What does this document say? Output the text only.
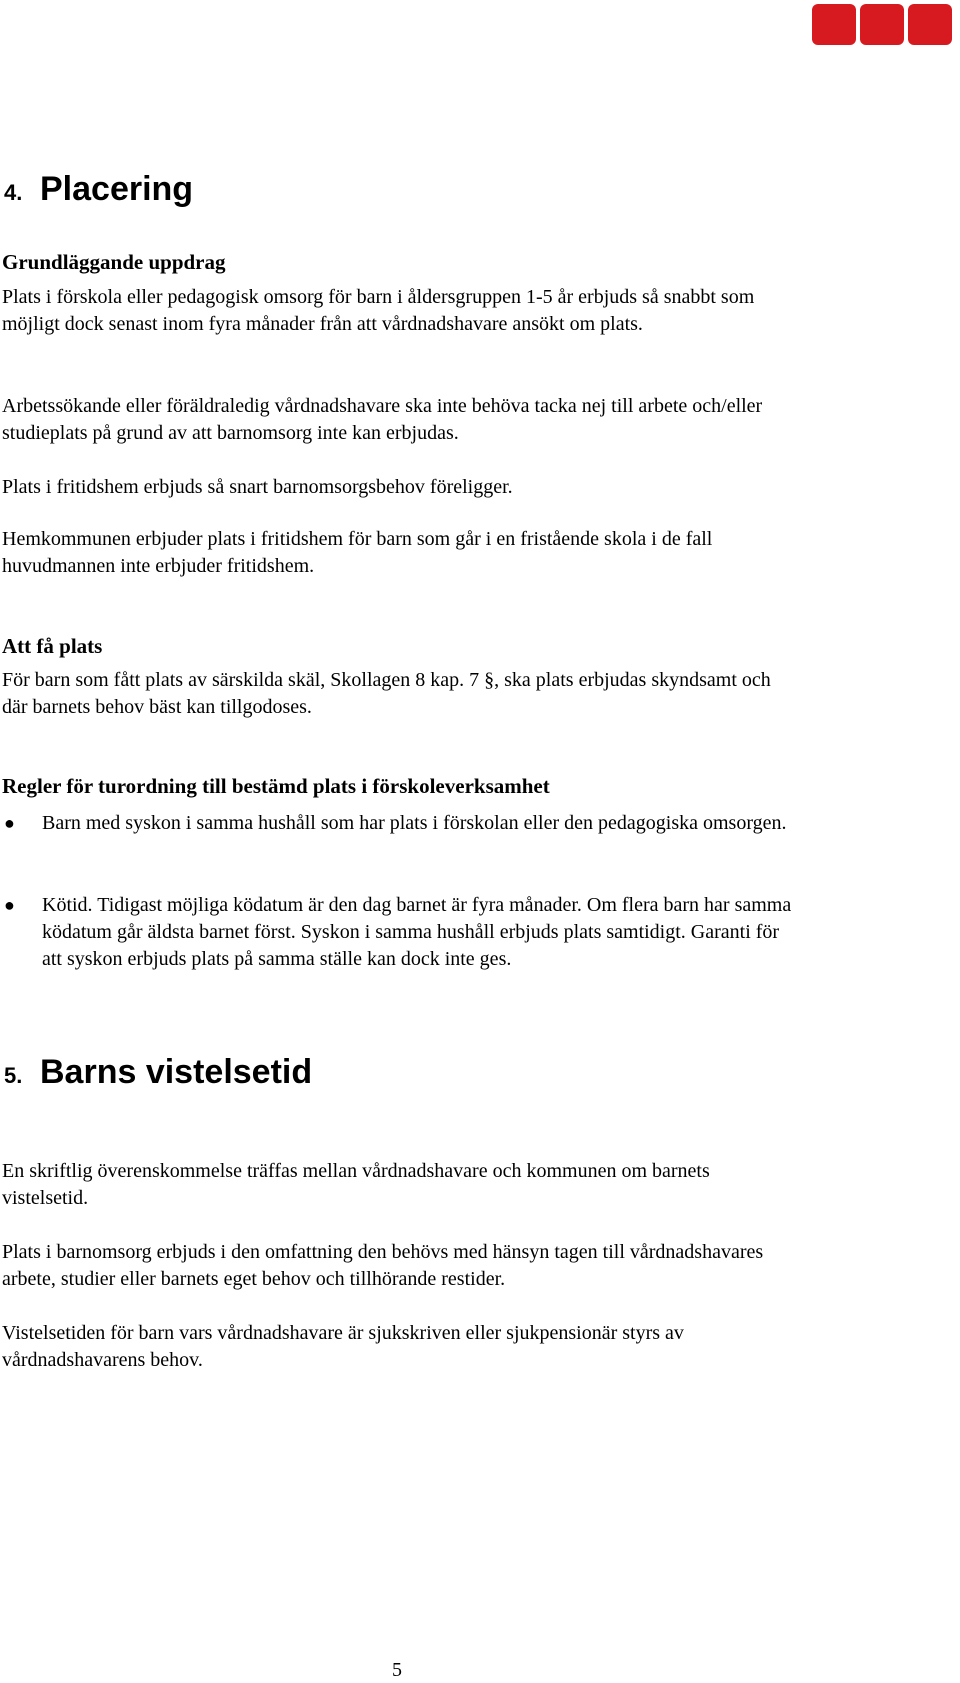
4. Placering
Grundläggande uppdrag

Plats i förskola eller pedagogisk omsorg för barn i åldersgruppen 1-5 år erbjuds så snabbt som möjligt dock senast inom fyra månader från att vårdnadshavare ansökt om plats.

Arbetssökande eller föräldraledig vårdnadshavare ska inte behöva tacka nej till arbete och/eller studieplats på grund av att barnomsorg inte kan erbjudas.

Plats i fritidshem erbjuds så snart barnomsorgsbehov föreligger.

Hemkommunen erbjuder plats i fritidshem för barn som går i en fristående skola i de fall huvudmannen inte erbjuder fritidshem.

Att få plats

För barn som fått plats av särskilda skäl, Skollagen 8 kap. 7 §, ska plats erbjudas skyndsamt och där barnets behov bäst kan tillgodoses.

Regler för turordning till bestämd plats i förskoleverksamhet
●	Barn med syskon i samma hushåll som har plats i förskolan eller den pedagogiska omsorgen.
●	Kötid. Tidigast möjliga ködatum är den dag barnet är fyra månader. Om flera barn har samma ködatum går äldsta barnet först. Syskon i samma hushåll erbjuds plats samtidigt. Garanti för att syskon erbjuds plats på samma ställe kan dock inte ges.
5. Barns vistelsetid

En skriftlig överenskommelse träffas mellan vårdnadshavare och kommunen om barnets vistelsetid.

Plats i barnomsorg erbjuds i den omfattning den behövs med hänsyn tagen till vårdnadshavares arbete, studier eller barnets eget behov och tillhörande restider.

Vistelsetiden för barn vars vårdnadshavare är sjukskriven eller sjukpensionär styrs av vårdnadshavarens behov.

5
